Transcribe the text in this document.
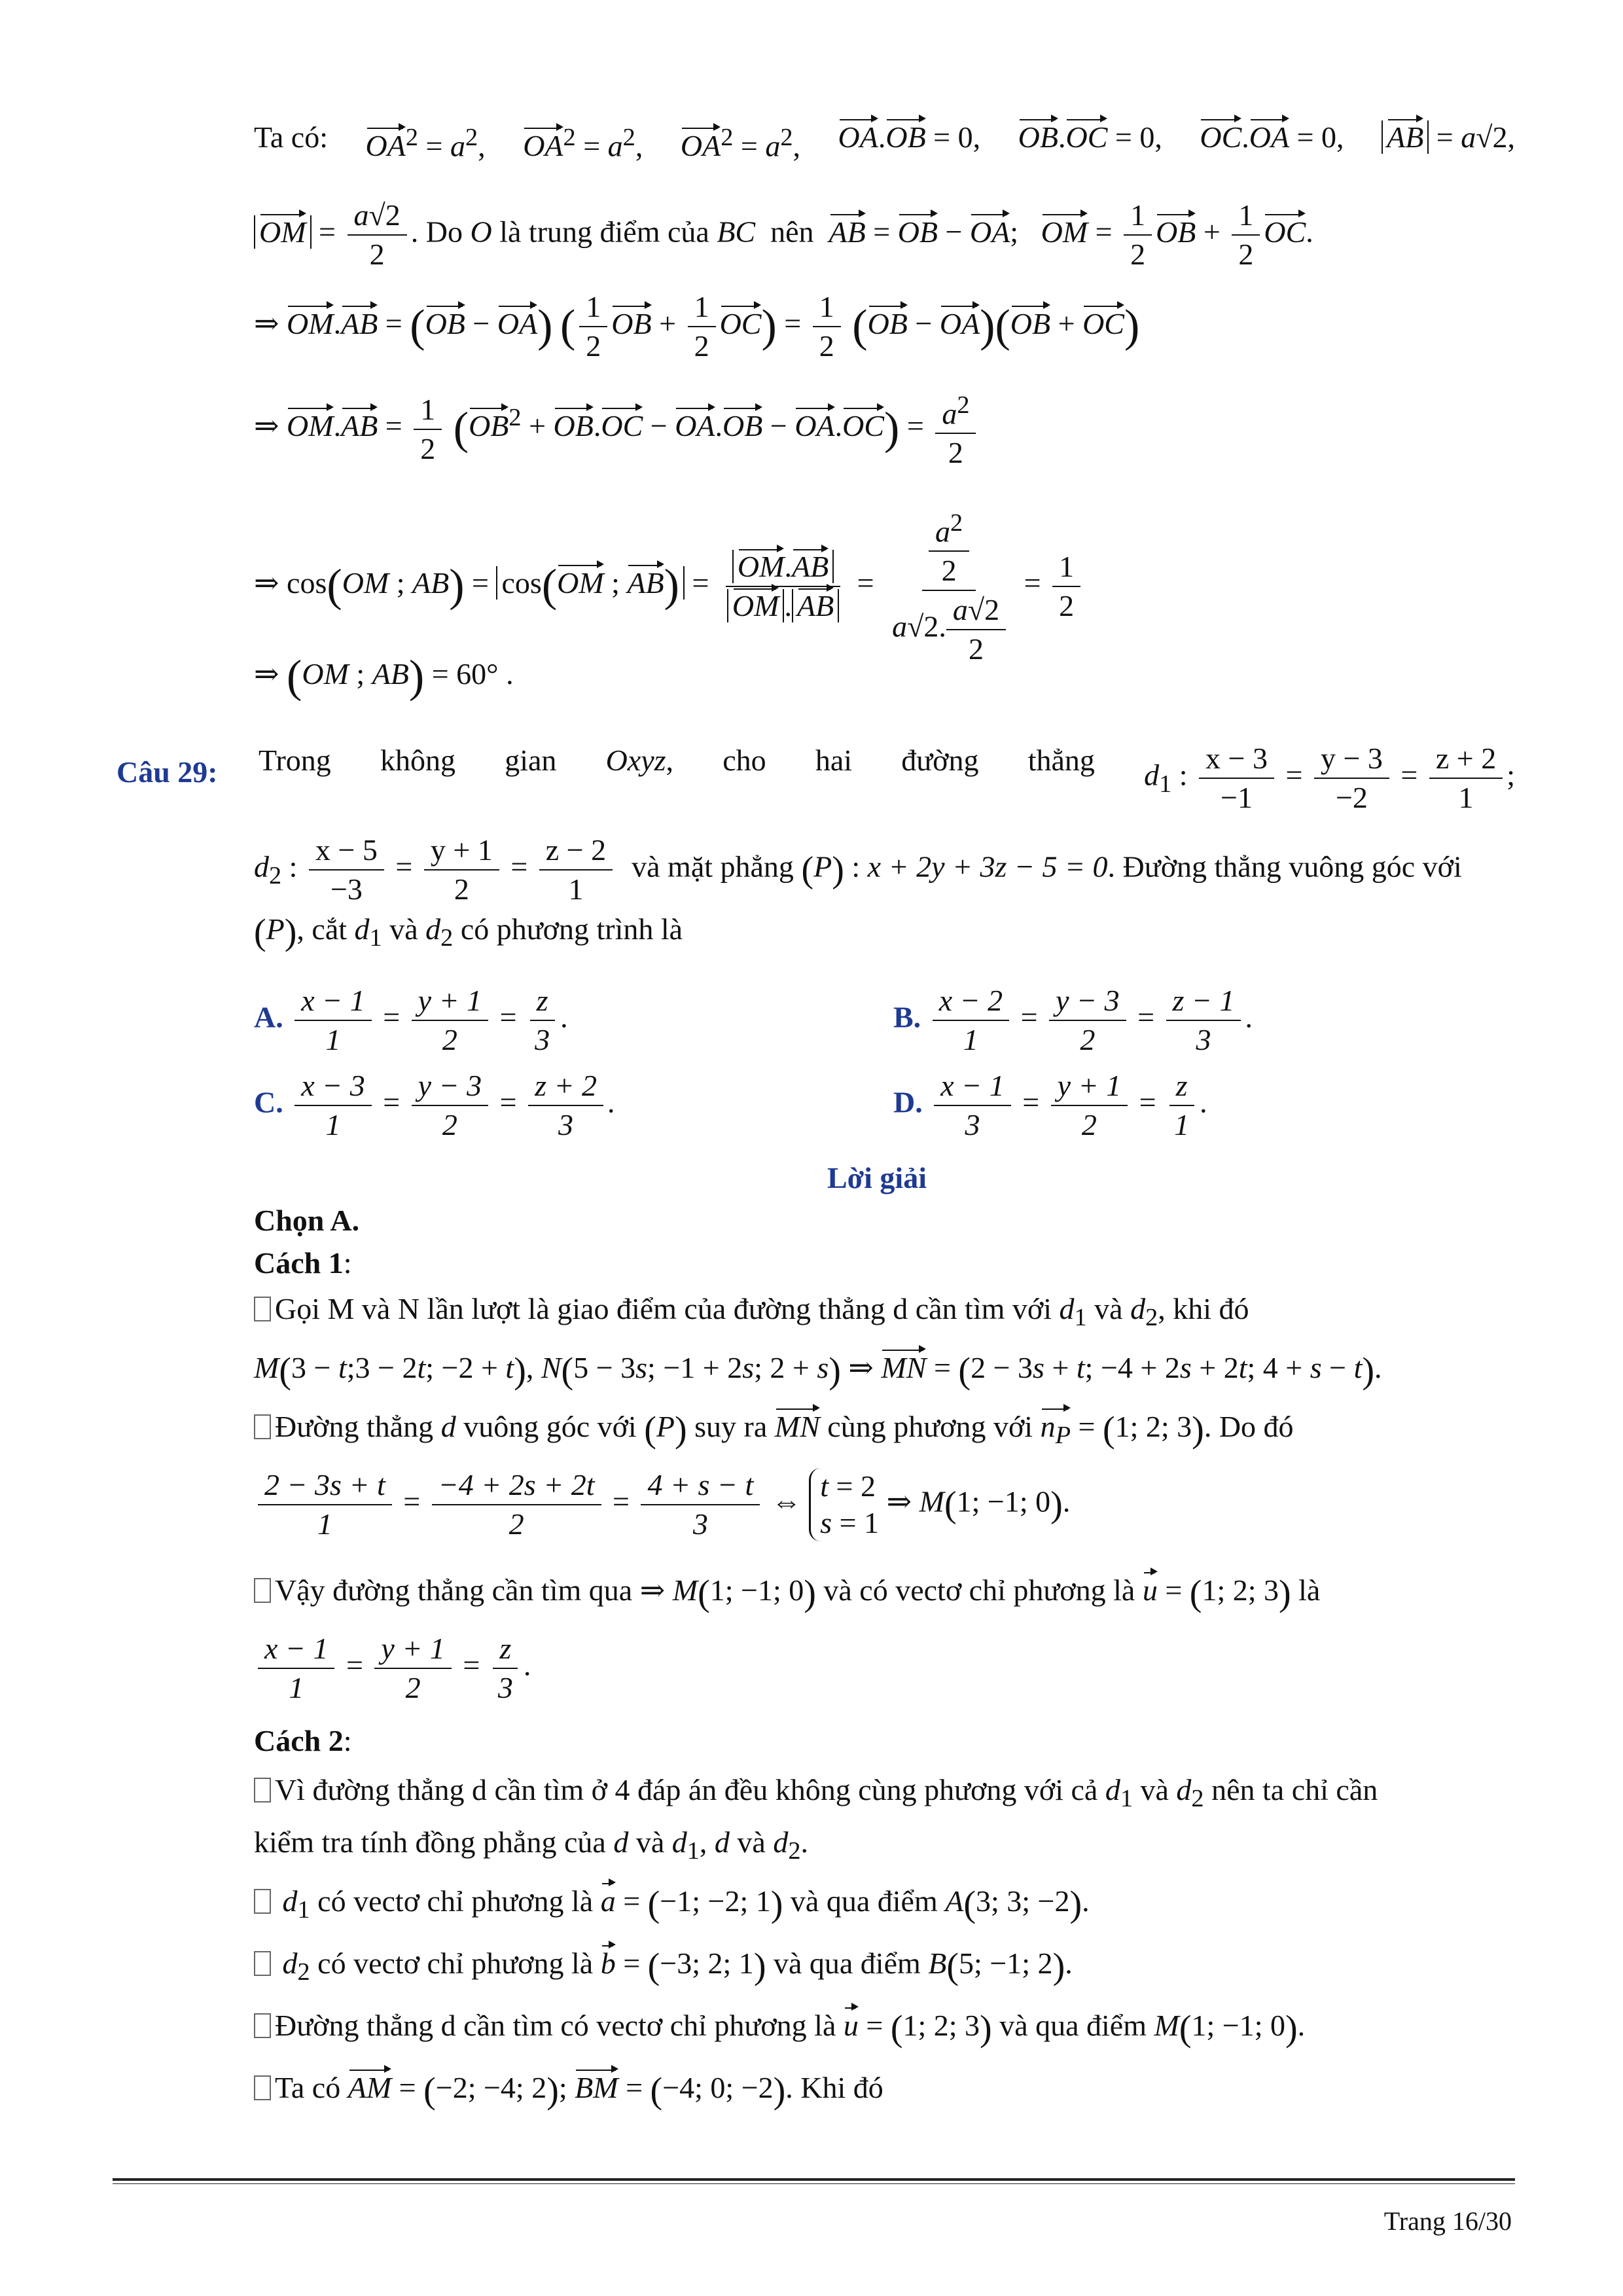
Ta có: $OA^2 = a^2$, $OA^2 = a^2$, $OA^2 = a^2$, OA.OB = 0, OB.OC = 0, OC.OA = 0, AB = a√2,
OM = $\frac{a√2}{2}$ . Do O là trung điểm của BC nên AB = OB − OA;   OM = $\frac{1}{2}$ OB + $\frac{1}{2}$ OC.
⇒ OM.AB = (OB − OA) ( $\frac{1}{2}$ OB + $\frac{1}{2} OC) = \frac{1}{2} (OB - OA)(OB + OC)$
⇒ $OM.AB = \frac{1}{2} (OB^2 + OB.OC - OA.OB - OA.OC) = \frac{a^2}{2}$
⇒ cos(OM ; AB) = cos(OM ; $AB) = \frac{OM.AB}{OM . AB} = \frac{\frac{a^2}{2}}{a√2. \frac{a√2}{2}} = \frac{1}{2}$
⇒ (OM ; AB) = 60° .
Câu 29: Trong không gian Oxyz, cho hai đường thẳng $d_1$ : $\frac{x - 3}{-1} = \frac{y - 3}{-2} = \frac{z + 2}{1}$ ;
$d_2$ : $\frac{x - 5}{-3} = \frac{y + 1}{2} = \frac{z - 2}{1}$ và mặt phẳng (P) : x + 2y + 3z − 5 = 0. Đường thẳng vuông góc với
(P), cắt $d_1$ và $d_2$ có phương trình là
A. $\frac{x - 1}{1} = \frac{y + 1}{2} = \frac{z}{3}$ .	B. $\frac{x - 2}{1} = \frac{y - 3}{2} = \frac{z - 1}{3}$ .
C. $\frac{x - 3}{1} = \frac{y - 3}{2} = \frac{z + 2}{3}$ .	D. $\frac{x - 1}{3} = \frac{y + 1}{2} = \frac{z}{1}$ .
Lời giải
Chọn A.
Cách 1:
Gọi M và N lần lượt là giao điểm của đường thẳng d cần tìm với $d_1$ và $d_2$, khi đó
M(3 − t;3 − 2t; −2 + t), N(5 − 3s; −1 + 2s; 2 + s) ⇒ MN = (2 − 3s + t; −4 + 2s + 2t; 4 + s − t).
Đường thẳng d vuông góc với (P) suy ra MN cùng phương với $n_P = (1$; 2; 3). Do đó
$\frac{2 - 3s + t}{1} = \frac{-4 + 2s + 2t}{2} = \frac{4 + s - t}{3}$ ⇔ t = 2
s = 1
⇒ M(1; −1; 0).
Vậy đường thẳng cần tìm qua ⇒ M(1; −1; 0) và có vectơ chỉ phương là u = (1; 2; 3) là
$\frac{x - 1}{1} = \frac{y + 1}{2} = \frac{z}{3}$ .
Cách 2:
Vì đường thẳng d cần tìm ở 4 đáp án đều không cùng phương với cả $d_1$ và $d_2$ nên ta chỉ cần
kiểm tra tính đồng phẳng của d và $d_1$, d và $d_2$.
$d_1$ có vectơ chỉ phương là a = (−1; −2; 1) và qua điểm A(3; 3; −2).
$d_2$ có vectơ chỉ phương là b = (−3; 2; 1) và qua điểm B(5; −1; 2).
Đường thẳng d cần tìm có vectơ chỉ phương là u = (1; 2; 3) và qua điểm M(1; −1; 0).
Ta có AM = (−2; −4; 2); BM = (−4; 0; −2). Khi đó
Trang 16/30
